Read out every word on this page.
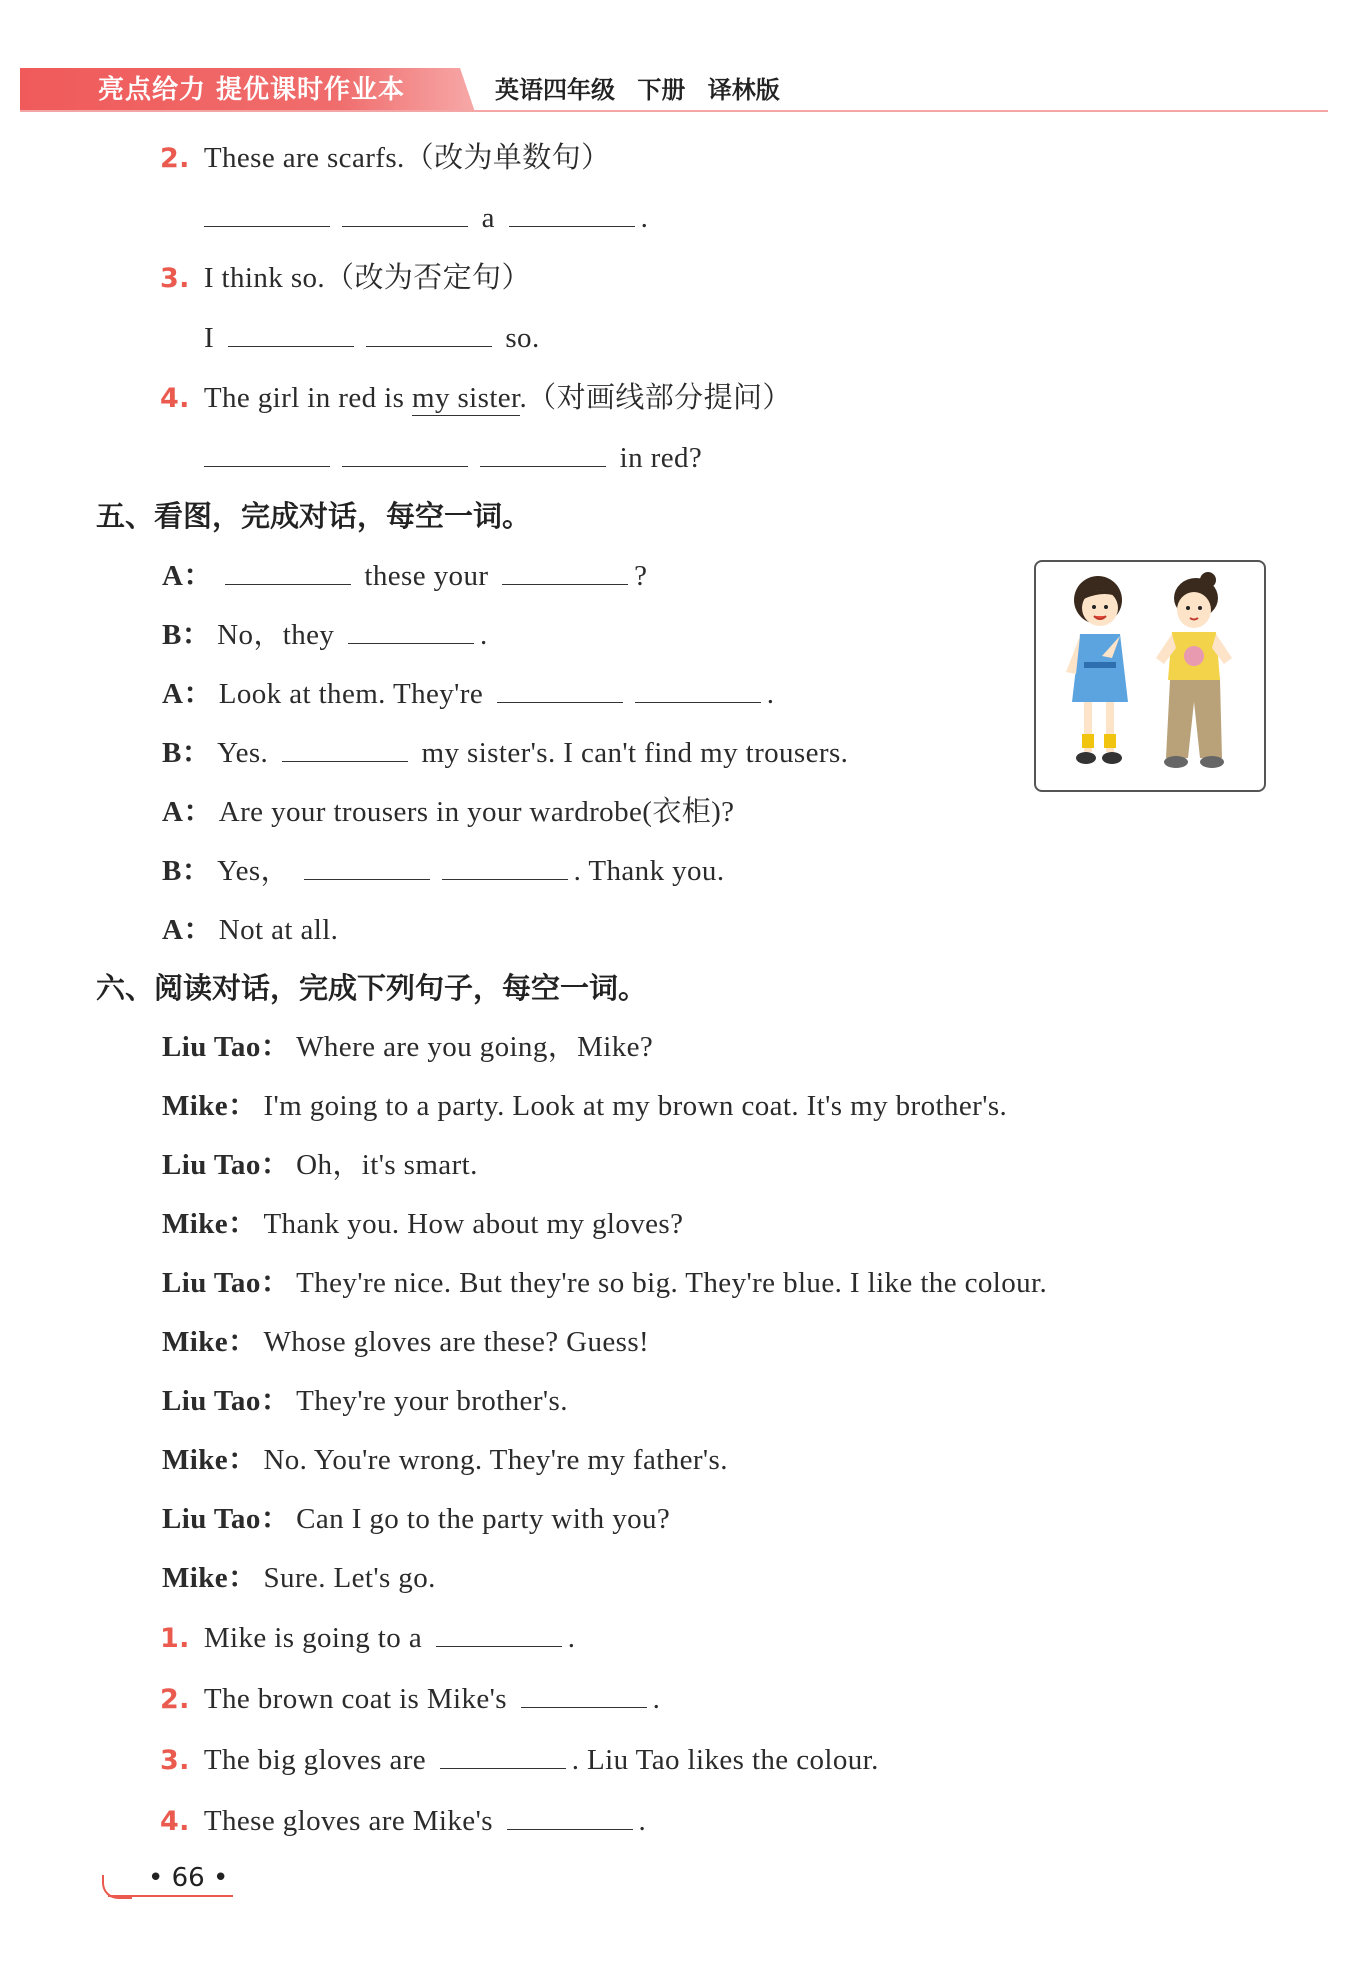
亮点给力 提优课时作业本	英语四年级 下册 译林版
2. These are scarfs.（改为单数句）
a	.
3. I think so.（改为否定句）
I	so.
4. The girl in red is my sister.（对画线部分提问）
in red?
五、看图，完成对话，每空一词。
A：	these your	?
B： No，they	.
A： Look at them. They're	.
B： Yes.	my sister's. I can't find my trousers.
A： Are your trousers in your wardrobe(衣柜)?
B： Yes，	. Thank you.
A： Not at all.
六、阅读对话，完成下列句子，每空一词。
Liu Tao： Where are you going，Mike?
Mike： I'm going to a party. Look at my brown coat. It's my brother's.
Liu Tao： Oh，it's smart.
Mike： Thank you. How about my gloves?
Liu Tao： They're nice. But they're so big. They're blue. I like the colour.
Mike： Whose gloves are these? Guess!
Liu Tao： They're your brother's.
Mike： No. You're wrong. They're my father's.
Liu Tao： Can I go to the party with you?
Mike： Sure. Let's go.
1. Mike is going to a	.
2. The brown coat is Mike's	.
3. The big gloves are	. Liu Tao likes the colour.
4. These gloves are Mike's	.
• 66 •
